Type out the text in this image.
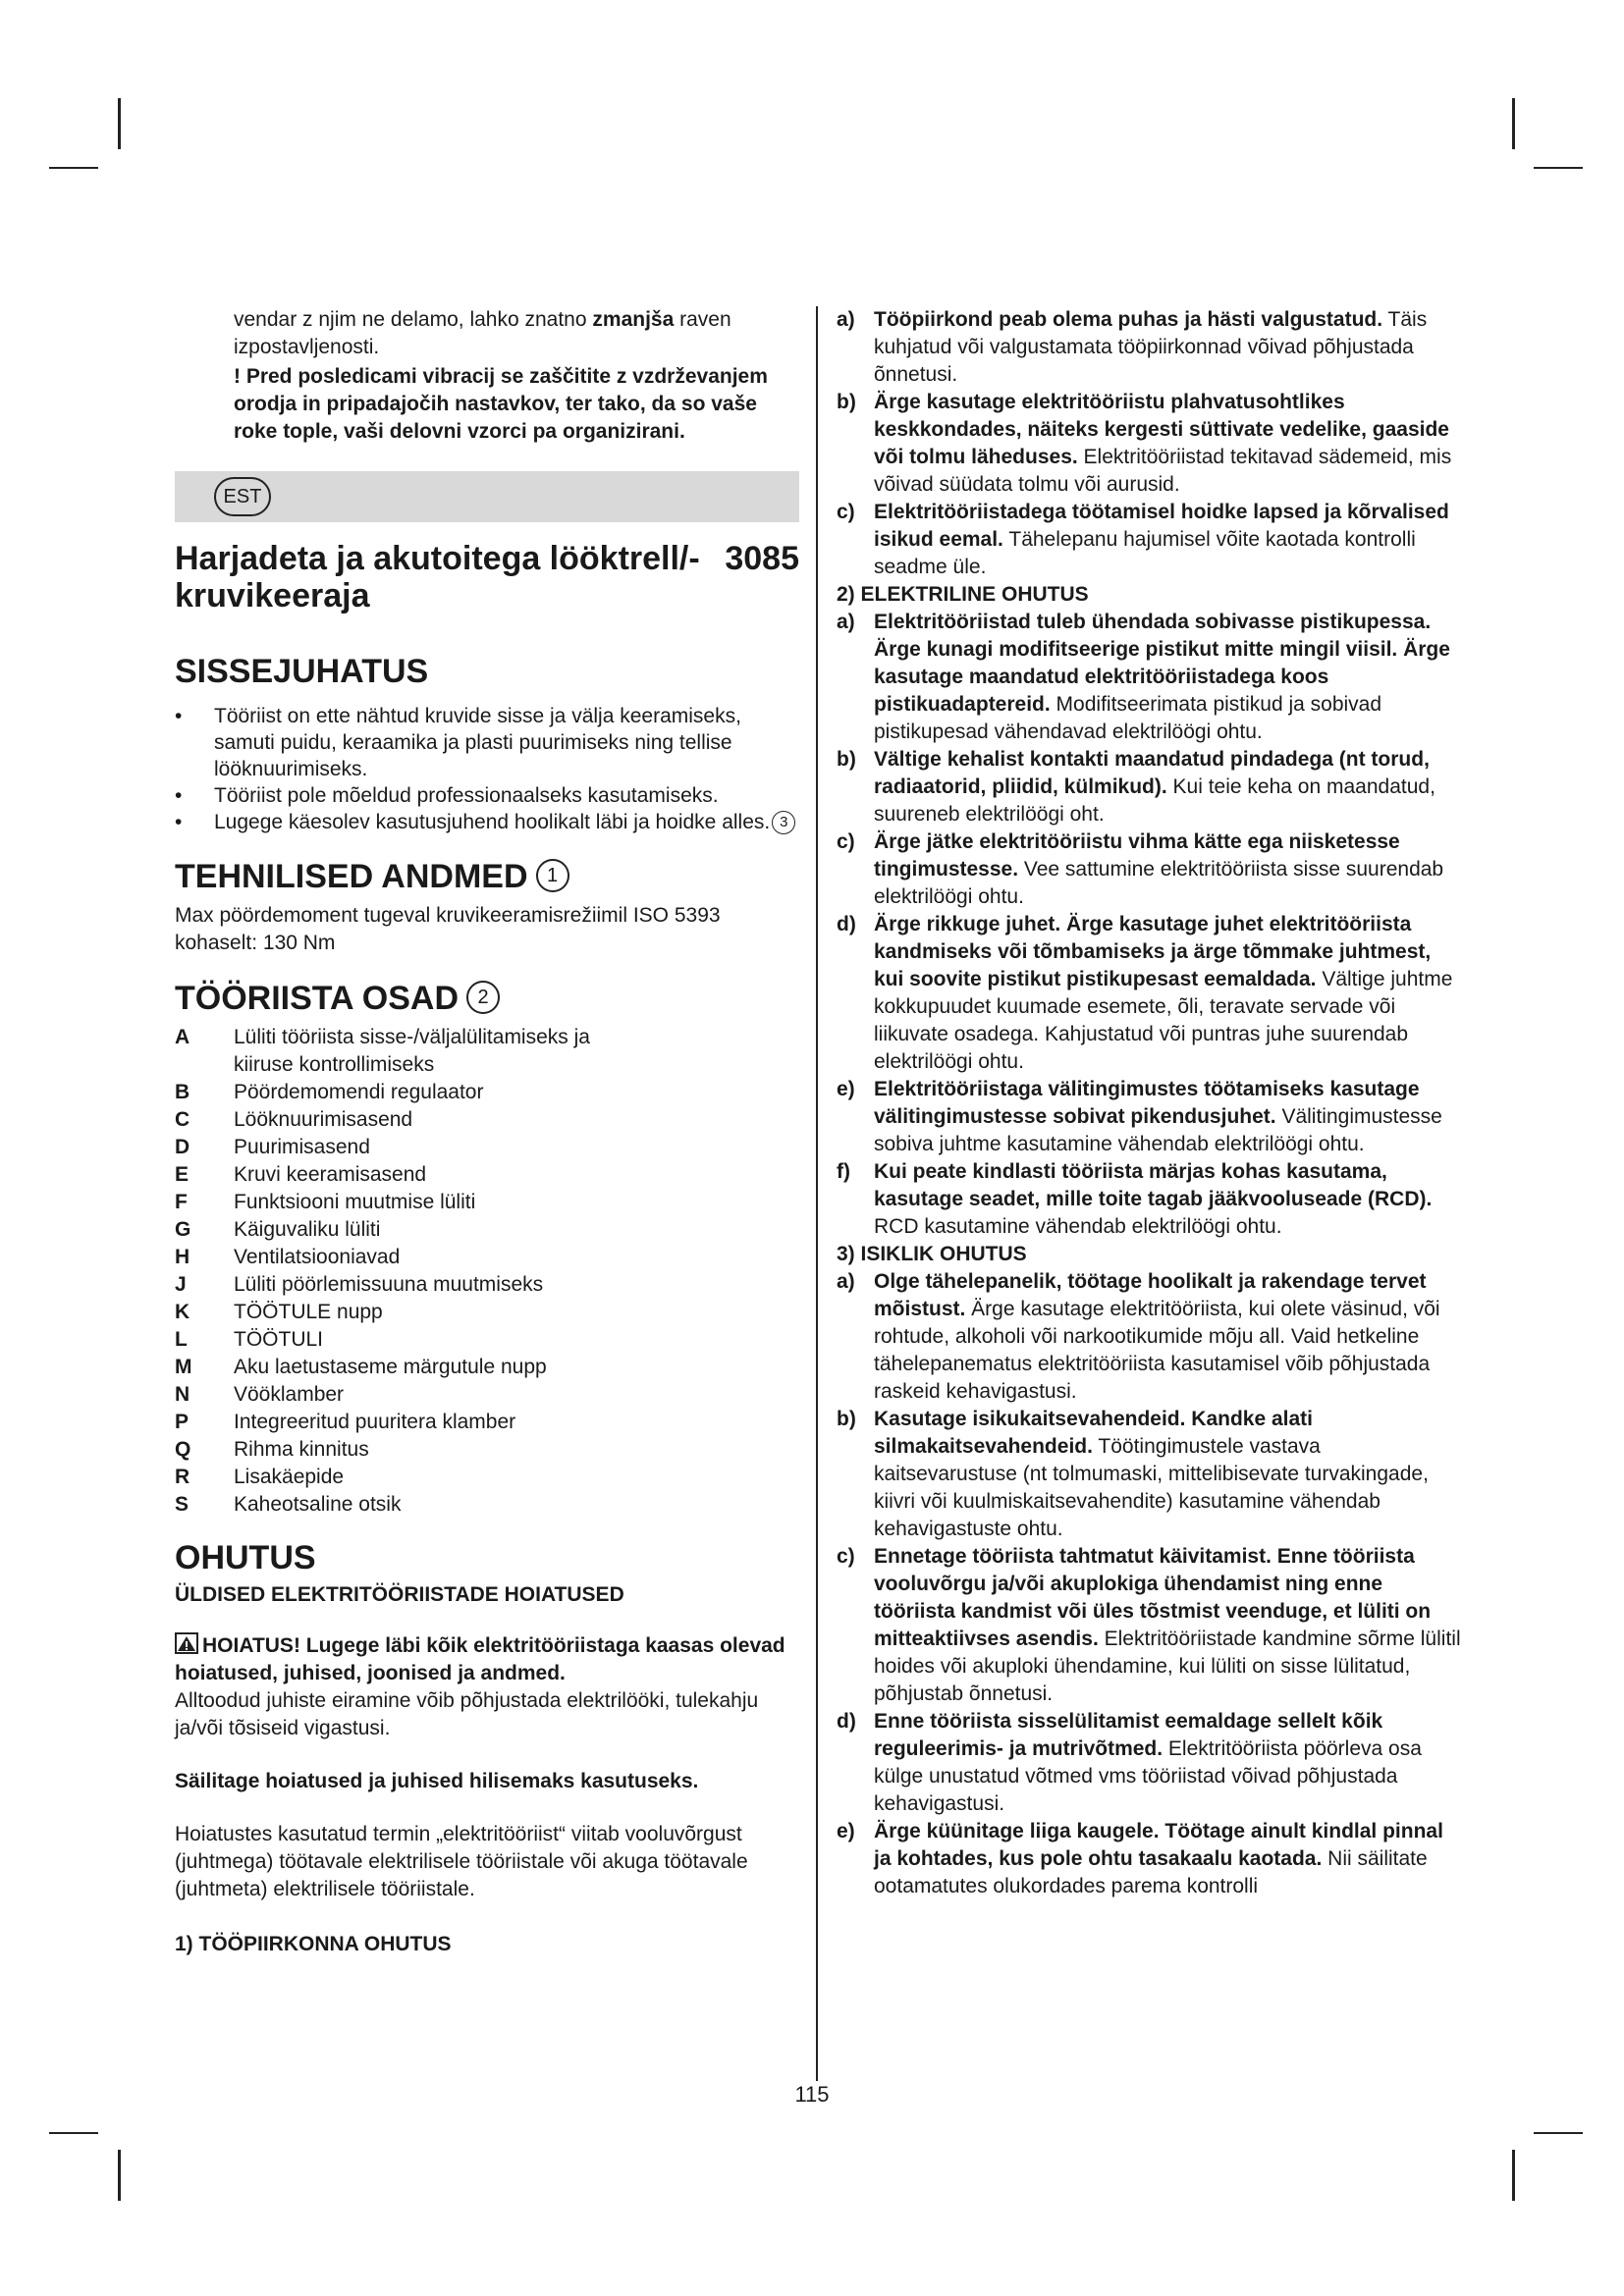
vendar z njim ne delamo, lahko znatno zmanjša raven izpostavljenosti.

! Pred posledicami vibracij se zaščitite z vzdrževanjem orodja in pripadajočih nastavkov, ter tako, da so vaše roke tople, vaši delovni vzorci pa organizirani.

EST
Harjadeta ja akutoitega lööktrell/-kruvikeeraja
3085
SISSEJUHATUS

• Tööriist on ette nähtud kruvide sisse ja välja keeramiseks, samuti puidu, keraamika ja plasti puurimiseks ning tellise lööknuurimiseks.

• Tööriist pole mõeldud professionaalseks kasutamiseks.

• Lugege käesolev kasutusjuhend hoolikalt läbi ja hoidke alles. 3

TEHNILISED ANDMED 1

Max pöördemoment tugeval kruvikeeramisrežiimil ISO 5393 kohaselt: 130 Nm

TÖÖRIISTA OSAD 2
A	Lüliti tööriista sisse-/väljalülitamiseks ja kiiruse kontrollimiseks
B	Pöördemomendi regulaator
C	Lööknuurimisasend
D	Puurimisasend
E	Kruvi keeramisasend
F	Funktsiooni muutmise lüliti
G	Käiguvaliku lüliti
H	Ventilatsiooniavad
J	Lüliti pöörlemissuuna muutmiseks
K	TÖÖTULE nupp
L	TÖÖTULI
M	Aku laetustaseme märgutule nupp
N	Vööklamber
P	Integreeritud puuritera klamber
Q	Rihma kinnitus
R	Lisakäepide
S	Kaheotsaline otsik
OHUTUS

ÜLDISED ELEKTRITÖÖRIISTADE HOIATUSED

HOIATUS! Lugege läbi kõik elektritööriistaga kaasas olevad hoiatused, juhised, joonised ja andmed.

Alltoodud juhiste eiramine võib põhjustada elektrilööki, tulekahju ja/või tõsiseid vigastusi.

Säilitage hoiatused ja juhised hilisemaks kasutuseks.

Hoiatustes kasutatud termin „elektritööriist“ viitab vooluvõrgust (juhtmega) töötavale elektrilisele tööriistale või akuga töötavale (juhtmeta) elektrilisele tööriistale.

1) TÖÖPIIRKONNA OHUTUS

a) Tööpiirkond peab olema puhas ja hästi valgustatud. Täis kuhjatud või valgustamata tööpiirkonnad võivad põhjustada õnnetusi.
b) Ärge kasutage elektritööriistu plahvatusohtlikes keskkondades, näiteks kergesti süttivate vedelike, gaaside või tolmu läheduses. Elektritööriistad tekitavad sädemeid, mis võivad süüdata tolmu või aurusid.
c) Elektritööriistadega töötamisel hoidke lapsed ja kõrvalised isikud eemal. Tähelepanu hajumisel võite kaotada kontrolli seadme üle.

2) ELEKTRILINE OHUTUS

a) Elektritööriistad tuleb ühendada sobivasse pistikupessa. Ärge kunagi modifitseerige pistikut mitte mingil viisil. Ärge kasutage maandatud elektritööriistadega koos pistikuadaptereid. Modifitseerimata pistikud ja sobivad pistikupesad vähendavad elektrilöögi ohtu.
b) Vältige kehalist kontakti maandatud pindadega (nt torud, radiaatorid, pliidid, külmikud). Kui teie keha on maandatud, suureneb elektrilöögi oht.
c) Ärge jätke elektritööriistu vihma kätte ega niisketesse tingimustesse. Vee sattumine elektritööriista sisse suurendab elektrilöögi ohtu.
d) Ärge rikkuge juhet. Ärge kasutage juhet elektritööriista kandmiseks või tõmbamiseks ja ärge tõmmake juhtmest, kui soovite pistikut pistikupesast eemaldada. Vältige juhtme kokkupuudet kuumade esemete, õli, teravate servade või liikuvate osadega. Kahjustatud või puntras juhe suurendab elektrilöögi ohtu.
e) Elektritööriistaga välitingimustes töötamiseks kasutage välitingimustesse sobivat pikendusjuhet. Välitingimustesse sobiva juhtme kasutamine vähendab elektrilöögi ohtu.
f)	Kui peate kindlasti tööriista märjas kohas kasutama, kasutage seadet, mille toite tagab jääkvooluseade (RCD). RCD kasutamine vähendab elektrilöögi ohtu.

3) ISIKLIK OHUTUS

a) Olge tähelepanelik, töötage hoolikalt ja rakendage tervet mõistust. Ärge kasutage elektritööriista, kui olete väsinud, või rohtude, alkoholi või narkootikumide mõju all. Vaid hetkeline tähelepanematus elektritööriista kasutamisel võib põhjustada raskeid kehavigastusi.
b) Kasutage isikukaitsevahendeid. Kandke alati silmakaitsevahendeid. Töötingimustele vastava kaitsevarustuse (nt tolmumaski, mittelibisevate turvakingade, kiivri või kuulmiskaitsevahendite) kasutamine vähendab kehavigastuste ohtu.
c) Ennetage tööriista tahtmatut käivitamist. Enne tööriista vooluvõrgu ja/või akuplokiga ühendamist ning enne tööriista kandmist või üles tõstmist veenduge, et lüliti on mitteaktiivses asendis. Elektritööriistade kandmine sõrme lülitil hoides või akuploki ühendamine, kui lüliti on sisse lülitatud, põhjustab õnnetusi.
d) Enne tööriista sisselülitamist eemaldage sellelt kõik reguleerimis- ja mutrivõtmed. Elektritööriista pöörleva osa külge unustatud võtmed vms tööriistad võivad põhjustada kehavigastusi.
e) Ärge küünitage liiga kaugele. Töötage ainult kindlal pinnal ja kohtades, kus pole ohtu tasakaalu kaotada. Nii säilitate ootamatutes olukordades parema kontrolli
115
